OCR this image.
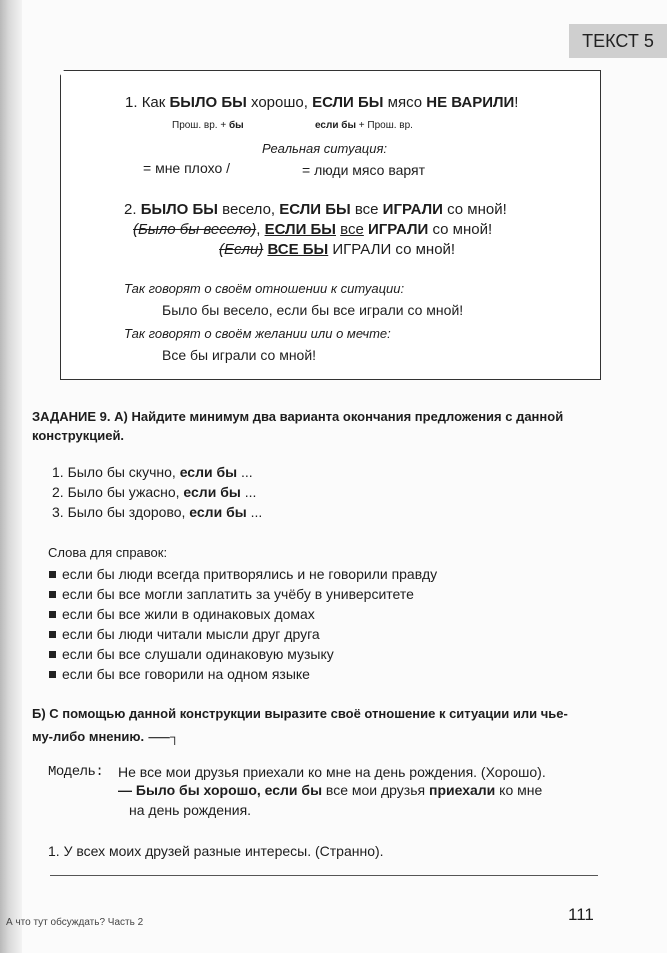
ТЕКСТ 5
1. Как БЫЛО БЫ хорошо, ЕСЛИ БЫ мясо НЕ ВАРИЛИ!
Прош. вр. + бы	если бы + Прош. вр.
Реальная ситуация:
= мне плохо /	= люди мясо варят
2. БЫЛО БЫ весело, ЕСЛИ БЫ все ИГРАЛИ со мной!
(Было бы весело), ЕСЛИ БЫ все ИГРАЛИ со мной!
(Если) ВСЕ БЫ ИГРАЛИ со мной!
Так говорят о своём отношении к ситуации:
Было бы весело, если бы все играли со мной!
Так говорят о своём желании или о мечте:
Все бы играли со мной!
ЗАДАНИЕ 9. А) Найдите минимум два варианта окончания предложения с данной
конструкцией.
1. Было бы скучно, если бы ...
2. Было бы ужасно, если бы ...
3. Было бы здорово, если бы ...
Слова для справок:
если бы люди всегда притворялись и не говорили правду
если бы все могли заплатить за учёбу в университете
если бы все жили в одинаковых домах
если бы люди читали мысли друг друга
если бы все слушали одинаковую музыку
если бы все говорили на одном языке
Б) С помощью данной конструкции выразите своё отношение к ситуации или чье-
му-либо мнению. ⸺┐
Модель: Не все мои друзья приехали ко мне на день рождения. (Хорошо).
— Было бы хорошо, если бы все мои друзья приехали ко мне
на день рождения.
1. У всех моих друзей разные интересы. (Странно).
А что тут обсуждать? Часть 2	111
